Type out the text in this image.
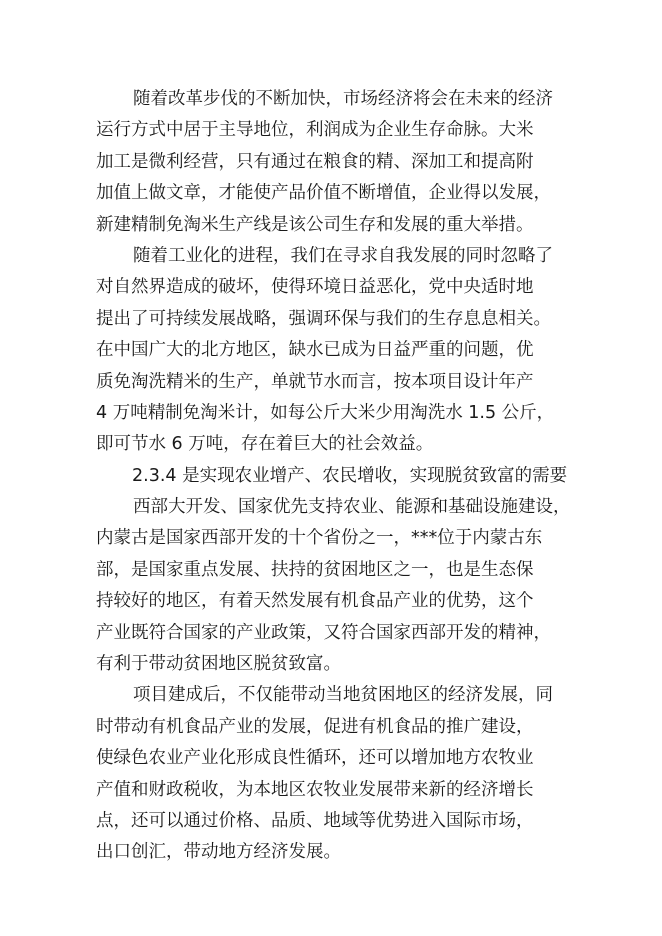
随着改革步伐的不断加快，市场经济将会在未来的经济
运行方式中居于主导地位，利润成为企业生存命脉。大米
加工是微利经营，只有通过在粮食的精、深加工和提高附
加值上做文章，才能使产品价值不断增值，企业得以发展，
新建精制免淘米生产线是该公司生存和发展的重大举措。
随着工业化的进程，我们在寻求自我发展的同时忽略了
对自然界造成的破坏，使得环境日益恶化，党中央适时地
提出了可持续发展战略，强调环保与我们的生存息息相关。
在中国广大的北方地区，缺水已成为日益严重的问题，优
质免淘洗精米的生产，单就节水而言，按本项目设计年产
4 万吨精制免淘米计，如每公斤大米少用淘洗水 1.5 公斤，
即可节水 6 万吨，存在着巨大的社会效益。
2.3.4 是实现农业增产、农民增收，实现脱贫致富的需要
西部大开发、国家优先支持农业、能源和基础设施建设，
内蒙古是国家西部开发的十个省份之一，***位于内蒙古东
部，是国家重点发展、扶持的贫困地区之一，也是生态保
持较好的地区，有着天然发展有机食品产业的优势，这个
产业既符合国家的产业政策，又符合国家西部开发的精神，
有利于带动贫困地区脱贫致富。
项目建成后，不仅能带动当地贫困地区的经济发展，同
时带动有机食品产业的发展，促进有机食品的推广建设，
使绿色农业产业化形成良性循环，还可以增加地方农牧业
产值和财政税收，为本地区农牧业发展带来新的经济增长
点，还可以通过价格、品质、地域等优势进入国际市场，
出口创汇，带动地方经济发展。
